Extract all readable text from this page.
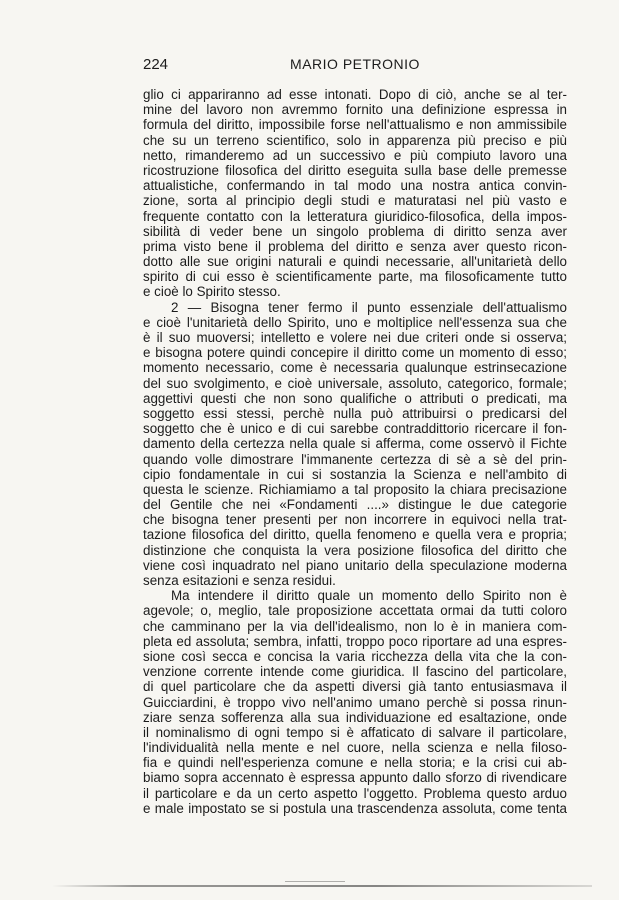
224	MARIO PETRONIO
glio ci appariranno ad esse intonati. Dopo di ciò, anche se al ter-
mine del lavoro non avremmo fornito una definizione espressa in
formula del diritto, impossibile forse nell'attualismo e non ammissibile
che su un terreno scientifico, solo in apparenza più preciso e più
netto, rimanderemo ad un successivo e più compiuto lavoro una
ricostruzione filosofica del diritto eseguita sulla base delle premesse
attualistiche, confermando in tal modo una nostra antica convin-
zione, sorta al principio degli studi e maturatasi nel più vasto e
frequente contatto con la letteratura giuridico-filosofica, della impos-
sibilità di veder bene un singolo problema di diritto senza aver
prima visto bene il problema del diritto e senza aver questo ricon-
dotto alle sue origini naturali e quindi necessarie, all'unitarietà dello
spirito di cui esso è scientificamente parte, ma filosoficamente tutto
e cioè lo Spirito stesso.
2 — Bisogna tener fermo il punto essenziale dell'attualismo
e cioè l'unitarietà dello Spirito, uno e moltiplice nell'essenza sua che
è il suo muoversi; intelletto e volere nei due criteri onde si osserva;
e bisogna potere quindi concepire il diritto come un momento di esso;
momento necessario, come è necessaria qualunque estrinsecazione
del suo svolgimento, e cioè universale, assoluto, categorico, formale;
aggettivi questi che non sono qualifiche o attributi o predicati, ma
soggetto essi stessi, perchè nulla può attribuirsi o predicarsi del
soggetto che è unico e di cui sarebbe contraddittorio ricercare il fon-
damento della certezza nella quale si afferma, come osservò il Fichte
quando volle dimostrare l'immanente certezza di sè a sè del prin-
cipio fondamentale in cui si sostanzia la Scienza e nell'ambito di
questa le scienze. Richiamiamo a tal proposito la chiara precisazione
del Gentile che nei «Fondamenti ....» distingue le due categorie
che bisogna tener presenti per non incorrere in equivoci nella trat-
tazione filosofica del diritto, quella fenomeno e quella vera e propria;
distinzione che conquista la vera posizione filosofica del diritto che
viene così inquadrato nel piano unitario della speculazione moderna
senza esitazioni e senza residui.
Ma intendere il diritto quale un momento dello Spirito non è
agevole; o, meglio, tale proposizione accettata ormai da tutti coloro
che camminano per la via dell'idealismo, non lo è in maniera com-
pleta ed assoluta; sembra, infatti, troppo poco riportare ad una espres-
sione così secca e concisa la varia ricchezza della vita che la con-
venzione corrente intende come giuridica. Il fascino del particolare,
di quel particolare che da aspetti diversi già tanto entusiasmava il
Guicciardini, è troppo vivo nell'animo umano perchè si possa rinun-
ziare senza sofferenza alla sua individuazione ed esaltazione, onde
il nominalismo di ogni tempo si è affaticato di salvare il particolare,
l'individualità nella mente e nel cuore, nella scienza e nella filoso-
fia e quindi nell'esperienza comune e nella storia; e la crisi cui ab-
biamo sopra accennato è espressa appunto dallo sforzo di rivendicare
il particolare e da un certo aspetto l'oggetto. Problema questo arduo
e male impostato se si postula una trascendenza assoluta, come tenta
